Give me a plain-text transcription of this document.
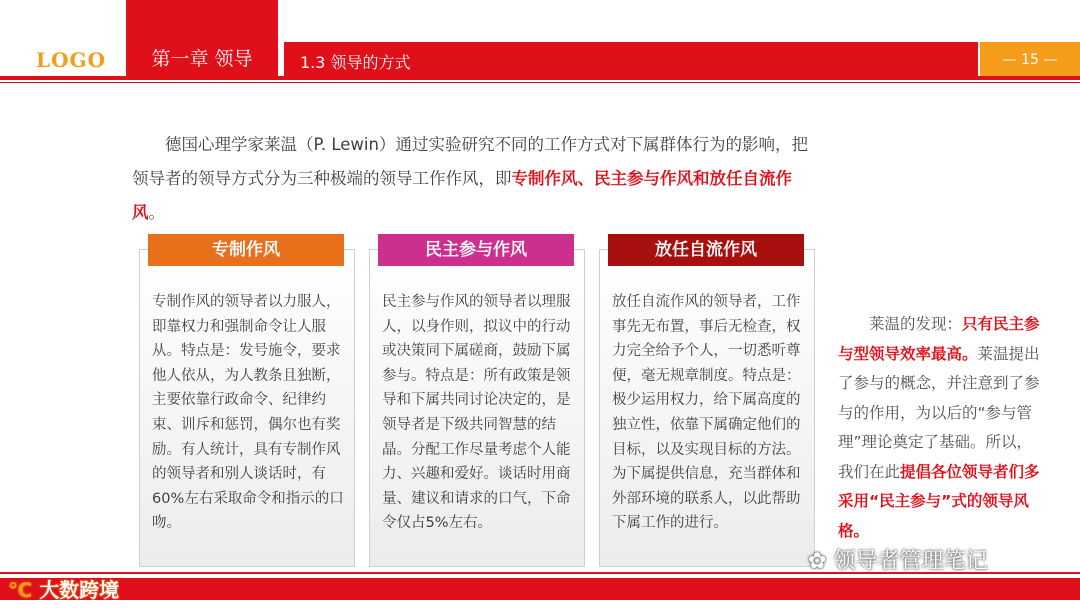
LOGO	第一章 领导	1.3 领导的方式	— 15 —
  德国心理学家莱温（P. Lewin）通过实验研究不同的工作方式对下属群体行为的影响，把领导者的领导方式分为三种极端的领导工作作风，即专制作风、民主参与作风和放任自流作风。
专制作风
专制作风的领导者以力服人，即靠权力和强制命令让人服从。特点是：发号施令，要求他人依从，为人教条且独断，主要依靠行政命令、纪律约束、训斥和惩罚，偶尔也有奖励。有人统计，具有专制作风的领导者和别人谈话时，有60%左右采取命令和指示的口吻。
民主参与作风
民主参与作风的领导者以理服人，以身作则，拟议中的行动或决策同下属磋商，鼓励下属参与。特点是：所有政策是领导和下属共同讨论决定的，是领导者是下级共同智慧的结晶。分配工作尽量考虑个人能力、兴趣和爱好。谈话时用商量、建议和请求的口气，下命令仅占5%左右。
放任自流作风
放任自流作风的领导者，工作事先无布置，事后无检查，权力完全给予个人，一切悉听尊便，毫无规章制度。特点是：极少运用权力，给下属高度的独立性，依靠下属确定他们的目标，以及实现目标的方法。为下属提供信息，充当群体和外部环境的联系人，以此帮助下属工作的进行。
  莱温的发现：只有民主参与型领导效率最高。莱温提出了参与的概念，并注意到了参与的作用，为以后的“参与管理”理论奠定了基础。所以，我们在此提倡各位领导者们多采用“民主参与”式的领导风格。
℃ 大数跨境
✿ 领导者管理笔记
